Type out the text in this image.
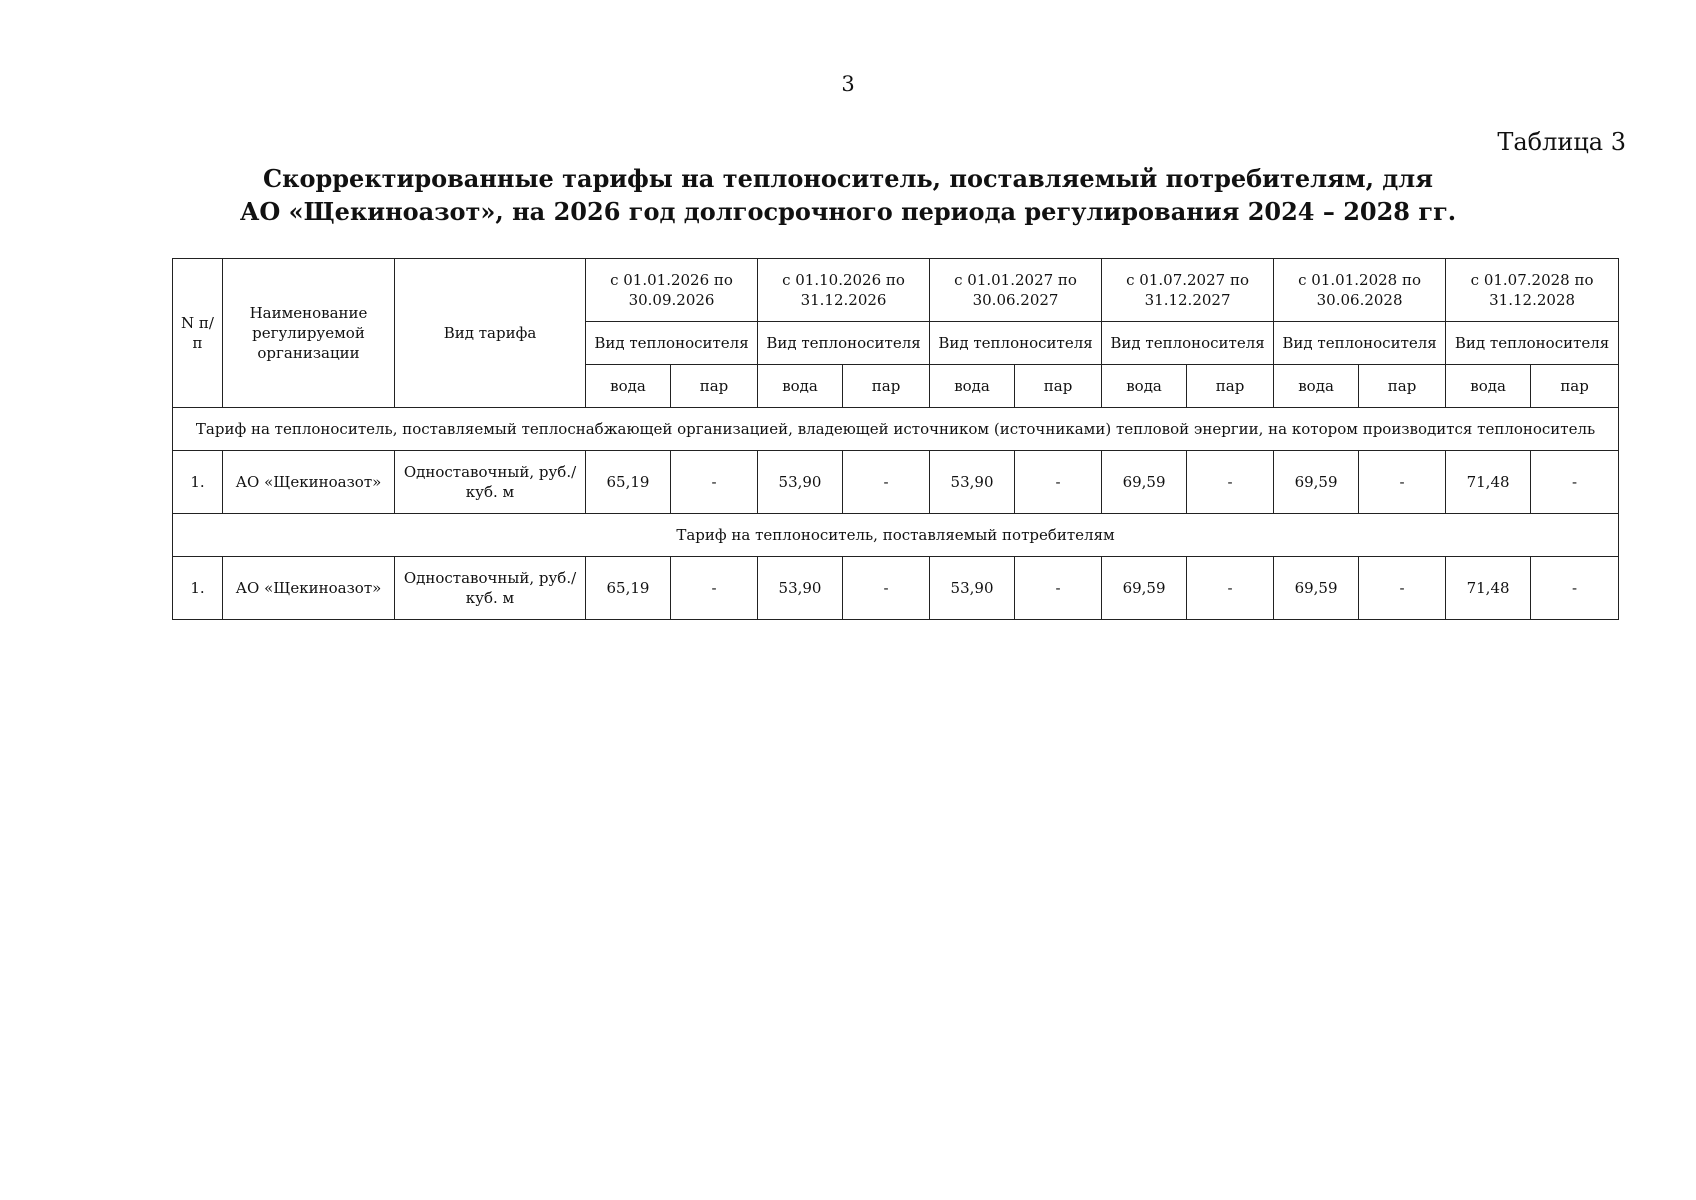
3
Таблица 3
Скорректированные тарифы на теплоноситель, поставляемый потребителям, для
АО «Щекиноазот», на 2026 год долгосрочного периода регулирования 2024 – 2028 гг.
N п/п	Наименование регулируемой организации	Вид тарифа	с 01.01.2026 по 30.09.2026		с 01.10.2026 по 31.12.2026		с 01.01.2027 по 30.06.2027		с 01.07.2027 по 31.12.2027		с 01.01.2028 по 30.06.2028		с 01.07.2028 по 31.12.2028	
			Вид теплоносителя		Вид теплоносителя		Вид теплоносителя		Вид теплоносителя		Вид теплоносителя		Вид теплоносителя	
			вода	пар	вода	пар	вода	пар	вода	пар	вода	пар	вода	пар
Тариф на теплоноситель, поставляемый теплоснабжающей организацией, владеющей источником (источниками) тепловой энергии, на котором производится теплоноситель														
1.	АО «Щекиноазот»	Одноставочный, руб./куб. м	65,19	-	53,90	-	53,90	-	69,59	-	69,59	-	71,48	-
Тариф на теплоноситель, поставляемый потребителям														
1.	АО «Щекиноазот»	Одноставочный, руб./куб. м	65,19	-	53,90	-	53,90	-	69,59	-	69,59	-	71,48	-
